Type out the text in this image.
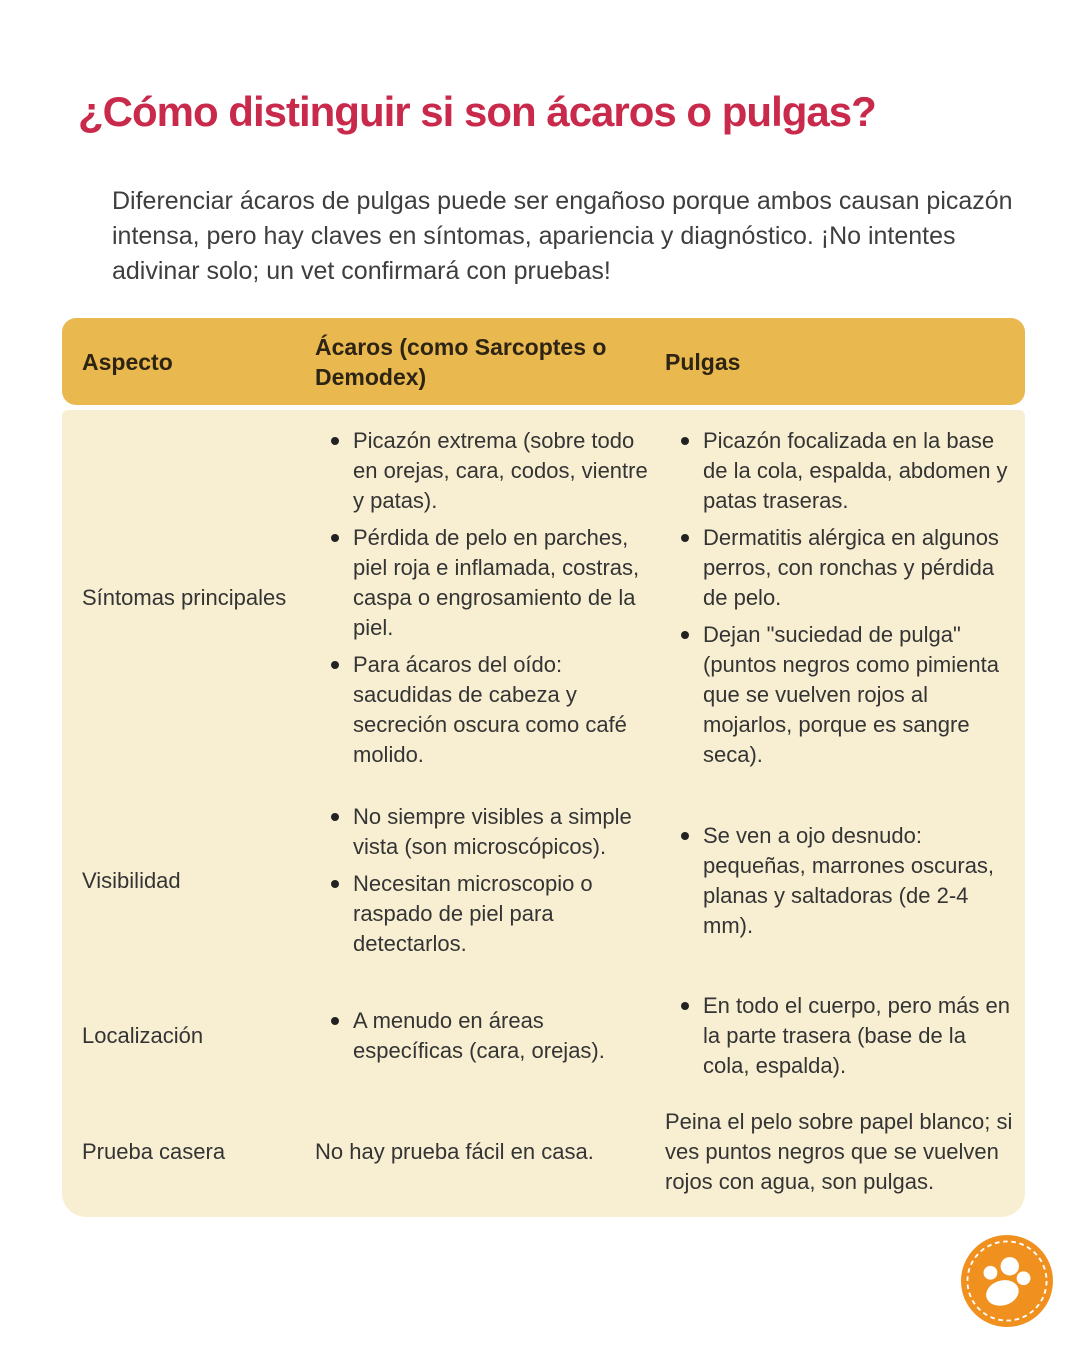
¿Cómo distinguir si son ácaros o pulgas?

Diferenciar ácaros de pulgas puede ser engañoso porque ambos causan picazón intensa, pero hay claves en síntomas, apariencia y diagnóstico. ¡No intentes adivinar solo; un vet confirmará con pruebas!

Aspecto
Ácaros (como Sarcoptes o Demodex)
Pulgas
Síntomas principales
Picazón extrema (sobre todo en orejas, cara, codos, vientre y patas).
Pérdida de pelo en parches, piel roja e inflamada, costras, caspa o engrosamiento de la piel.
Para ácaros del oído: sacudidas de cabeza y secreción oscura como café molido.
Picazón focalizada en la base de la cola, espalda, abdomen y patas traseras.
Dermatitis alérgica en algunos perros, con ronchas y pérdida de pelo.
Dejan "suciedad de pulga" (puntos negros como pimienta que se vuelven rojos al mojarlos, porque es sangre seca).
Visibilidad
No siempre visibles a simple vista (son microscópicos).
Necesitan microscopio o raspado de piel para detectarlos.
Se ven a ojo desnudo: pequeñas, marrones oscuras, planas y saltadoras (de 2-4 mm).
Localización
A menudo en áreas específicas (cara, orejas).
En todo el cuerpo, pero más en la parte trasera (base de la cola, espalda).
Prueba casera	No hay prueba fácil en casa.
Peina el pelo sobre papel blanco; si ves puntos negros que se vuelven rojos con agua, son pulgas.
